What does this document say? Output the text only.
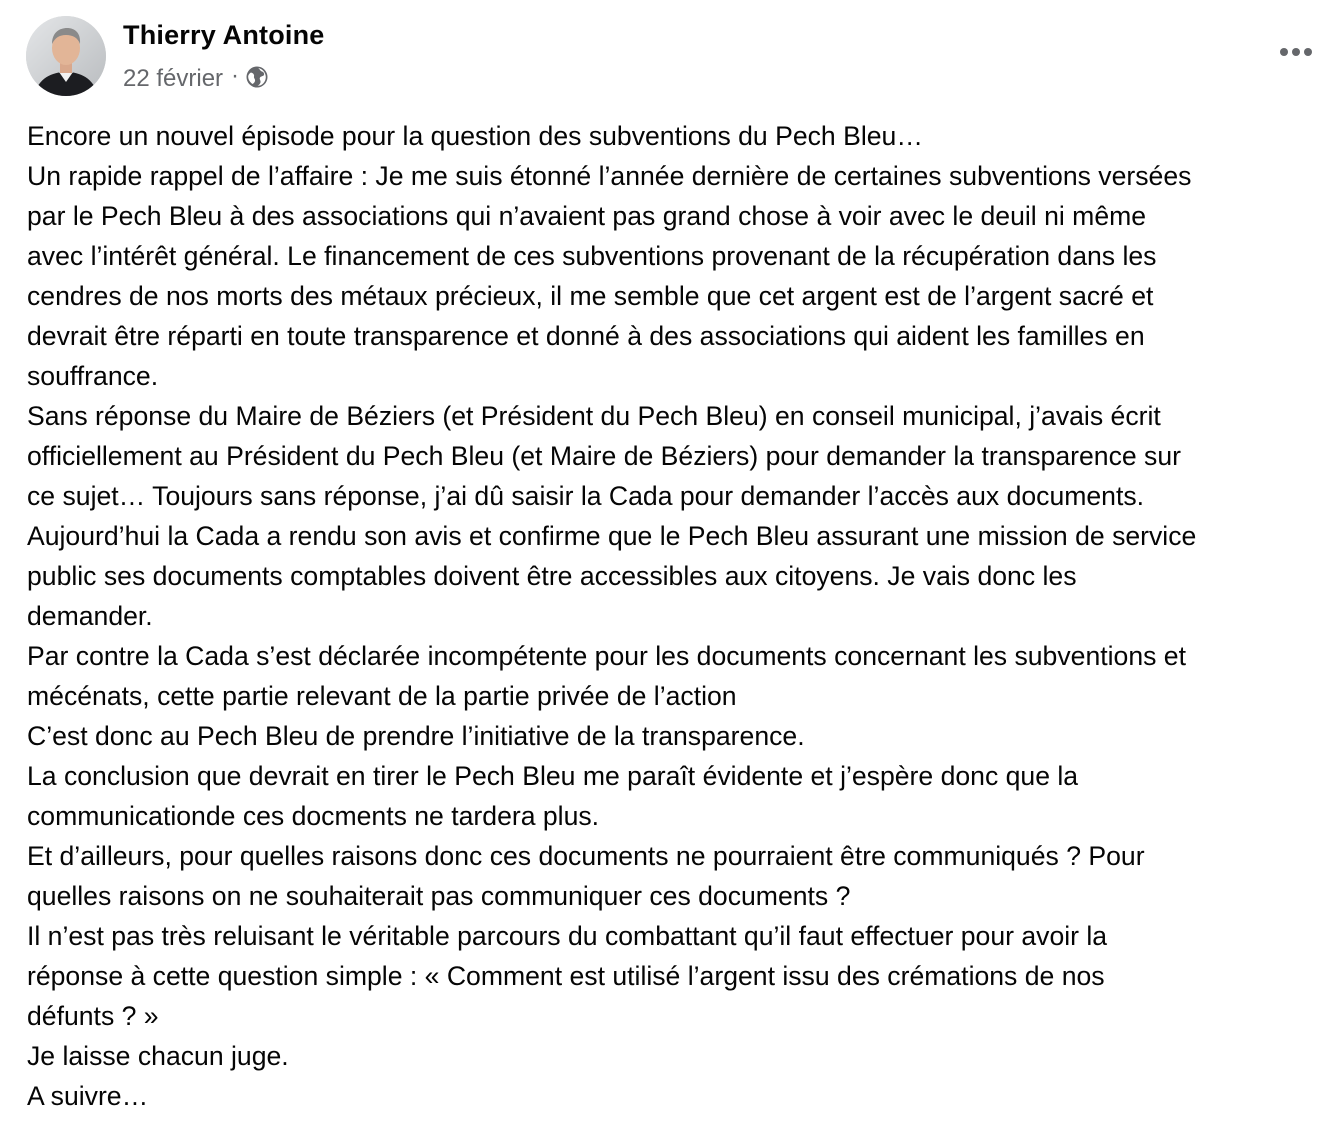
Thierry Antoine
22 février ·
Encore un nouvel épisode pour la question des subventions du Pech Bleu…
Un rapide rappel de l’affaire : Je me suis étonné l’année dernière de certaines subventions versées
par le Pech Bleu à des associations qui n’avaient pas grand chose à voir avec le deuil ni même
avec l’intérêt général. Le financement de ces subventions provenant de la récupération dans les
cendres de nos morts des métaux précieux, il me semble que cet argent est de l’argent sacré et
devrait être réparti en toute transparence et donné à des associations qui aident les familles en
souffrance.
Sans réponse du Maire de Béziers (et Président du Pech Bleu) en conseil municipal, j’avais écrit
officiellement au Président du Pech Bleu (et Maire de Béziers) pour demander la transparence sur
ce sujet… Toujours sans réponse, j’ai dû saisir la Cada pour demander l’accès aux documents.
Aujourd’hui la Cada a rendu son avis et confirme que le Pech Bleu assurant une mission de service
public ses documents comptables doivent être accessibles aux citoyens. Je vais donc les
demander.
Par contre la Cada s’est déclarée incompétente pour les documents concernant les subventions et
mécénats, cette partie relevant de la partie privée de l’action
C’est donc au Pech Bleu de prendre l’initiative de la transparence.
La conclusion que devrait en tirer le Pech Bleu me paraît évidente et j’espère donc que la
communicationde ces docments ne tardera plus.
Et d’ailleurs, pour quelles raisons donc ces documents ne pourraient être communiqués ? Pour
quelles raisons on ne souhaiterait pas communiquer ces documents ?
Il n’est pas très reluisant le véritable parcours du combattant qu’il faut effectuer pour avoir la
réponse à cette question simple : « Comment est utilisé l’argent issu des crémations de nos
défunts ? »
Je laisse chacun juge.
A suivre…
